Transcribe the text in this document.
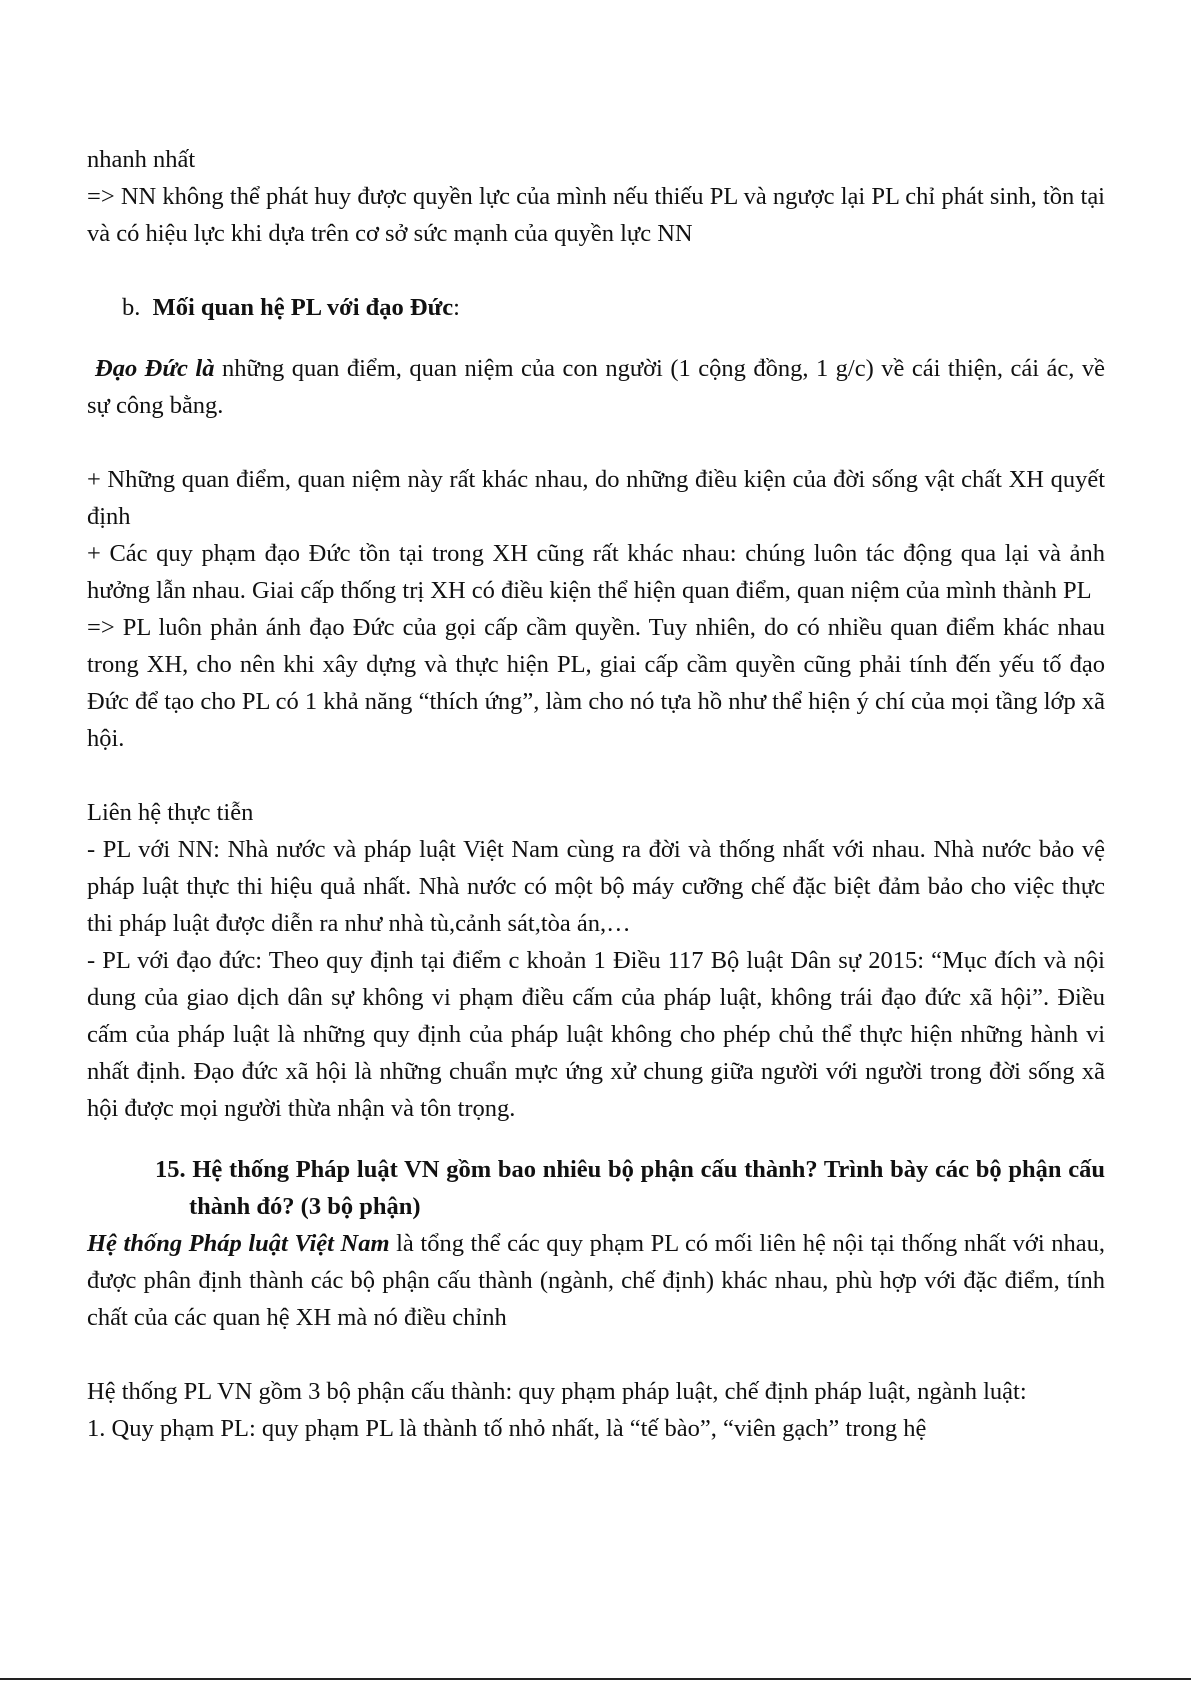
nhanh nhất

=> NN không thể phát huy được quyền lực của mình nếu thiếu PL và ngược lại PL chỉ phát sinh, tồn tại và có hiệu lực khi dựa trên cơ sở sức mạnh của quyền lực NN

b. Mối quan hệ PL với đạo Đức:

Đạo Đức là những quan điểm, quan niệm của con người (1 cộng đồng, 1 g/c) về cái thiện, cái ác, về sự công bằng.

+ Những quan điểm, quan niệm này rất khác nhau, do những điều kiện của đời sống vật chất XH quyết định

+ Các quy phạm đạo Đức tồn tại trong XH cũng rất khác nhau: chúng luôn tác động qua lại và ảnh hưởng lẫn nhau. Giai cấp thống trị XH có điều kiện thể hiện quan điểm, quan niệm của mình thành PL

=> PL luôn phản ánh đạo Đức của gọi cấp cầm quyền. Tuy nhiên, do có nhiều quan điểm khác nhau trong XH, cho nên khi xây dựng và thực hiện PL, giai cấp cầm quyền cũng phải tính đến yếu tố đạo Đức để tạo cho PL có 1 khả năng “thích ứng”, làm cho nó tựa hồ như thể hiện ý chí của mọi tầng lớp xã hội.

Liên hệ thực tiễn

- PL với NN: Nhà nước và pháp luật Việt Nam cùng ra đời và thống nhất với nhau. Nhà nước bảo vệ pháp luật thực thi hiệu quả nhất. Nhà nước có một bộ máy cưỡng chế đặc biệt đảm bảo cho việc thực thi pháp luật được diễn ra như nhà tù,cảnh sát,tòa án,…

- PL với đạo đức: Theo quy định tại điểm c khoản 1 Điều 117 Bộ luật Dân sự 2015: “Mục đích và nội dung của giao dịch dân sự không vi phạm điều cấm của pháp luật, không trái đạo đức xã hội”. Điều cấm của pháp luật là những quy định của pháp luật không cho phép chủ thể thực hiện những hành vi nhất định. Đạo đức xã hội là những chuẩn mực ứng xử chung giữa người với người trong đời sống xã hội được mọi người thừa nhận và tôn trọng.

15. Hệ thống Pháp luật VN gồm bao nhiêu bộ phận cấu thành? Trình bày các bộ phận cấu thành đó? (3 bộ phận)

Hệ thống Pháp luật Việt Nam là tổng thể các quy phạm PL có mối liên hệ nội tại thống nhất với nhau, được phân định thành các bộ phận cấu thành (ngành, chế định) khác nhau, phù hợp với đặc điểm, tính chất của các quan hệ XH mà nó điều chỉnh

Hệ thống PL VN gồm 3 bộ phận cấu thành: quy phạm pháp luật, chế định pháp luật, ngành luật:

1. Quy phạm PL: quy phạm PL là thành tố nhỏ nhất, là “tế bào”, “viên gạch” trong hệ
